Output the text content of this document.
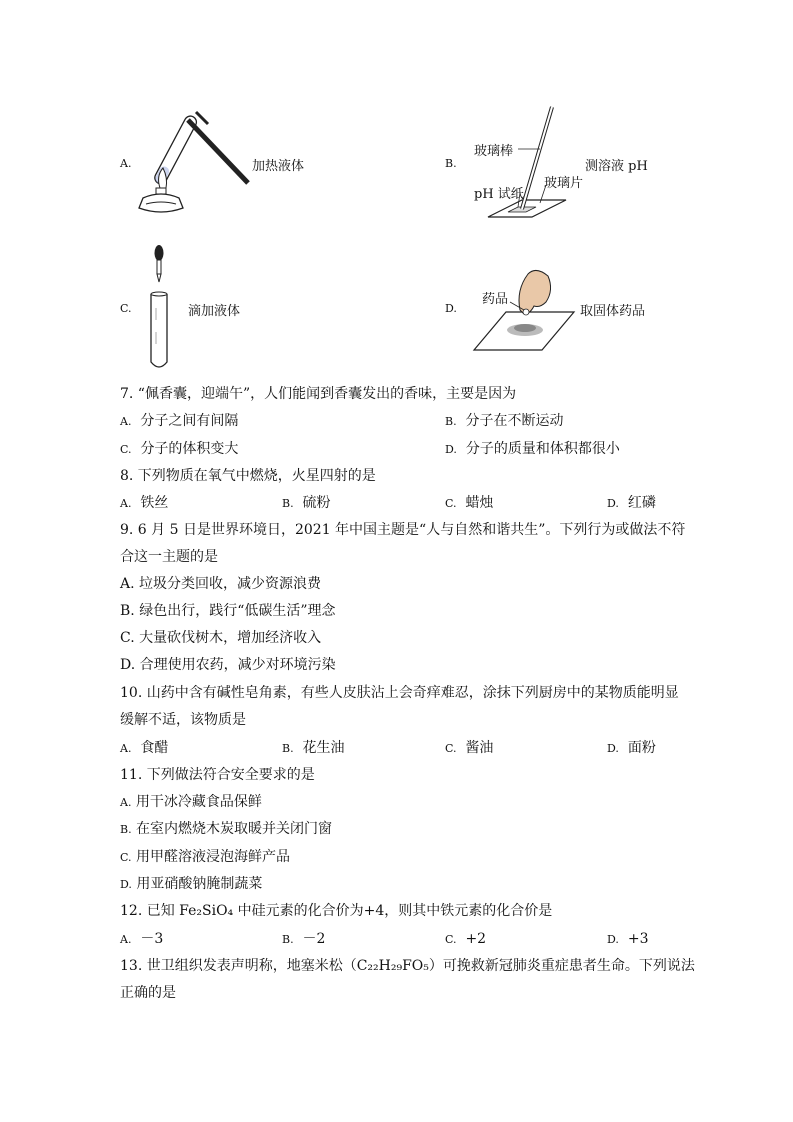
A.	加热液体	B.
玻璃棒
测溶液 pH
玻璃片
pH 试纸
C.	滴加液体	D.
药品
取固体药品
7. “佩香囊，迎端午”，人们能闻到香囊发出的香味，主要是因为
A. 分子之间有间隔	B. 分子在不断运动
C. 分子的体积变大	D. 分子的质量和体积都很小
8. 下列物质在氧气中燃烧，火星四射的是
A. 铁丝	B. 硫粉	C. 蜡烛	D. 红磷
9. 6 月 5 日是世界环境日，2021 年中国主题是“人与自然和谐共生”。下列行为或做法不符
合这一主题的是
A. 垃圾分类回收，减少资源浪费
B. 绿色出行，践行“低碳生活”理念
C. 大量砍伐树木，增加经济收入
D. 合理使用农药，减少对环境污染
10. 山药中含有碱性皂角素，有些人皮肤沾上会奇痒难忍，涂抹下列厨房中的某物质能明显
缓解不适，该物质是
A. 食醋	B. 花生油	C. 酱油	D. 面粉
11. 下列做法符合安全要求的是
A. 用干冰冷藏食品保鲜
B. 在室内燃烧木炭取暖并关闭门窗
C. 用甲醛溶液浸泡海鲜产品
D. 用亚硝酸钠腌制蔬菜
12. 已知 Fe₂SiO₄ 中硅元素的化合价为+4，则其中铁元素的化合价是
A. －3	B. －2	C. +2	D. +3
13. 世卫组织发表声明称，地塞米松（C₂₂H₂₉FO₅）可挽救新冠肺炎重症患者生命。下列说法
正确的是
